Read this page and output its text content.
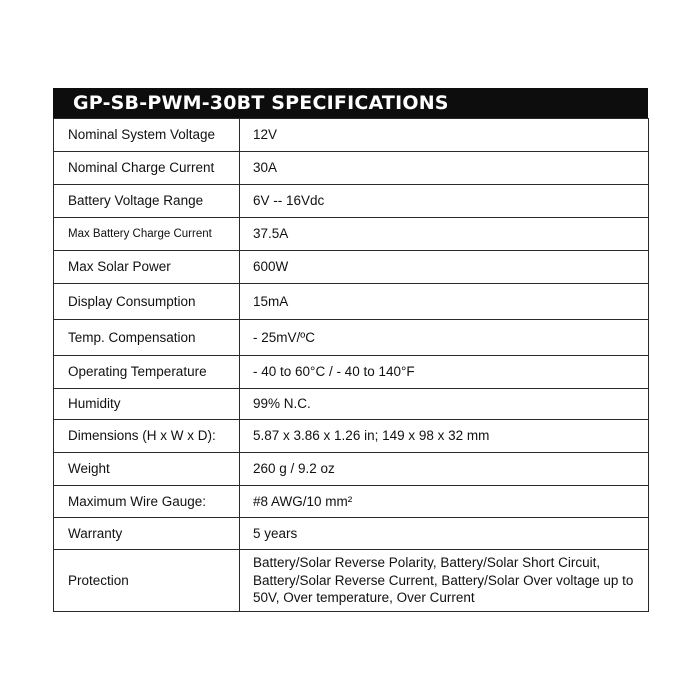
GP-SB-PWM-30BT SPECIFICATIONS
Nominal System Voltage	12V
Nominal Charge Current	30A
Battery Voltage Range	6V -- 16Vdc
Max Battery Charge Current	37.5A
Max Solar Power	600W
Display Consumption	15mA
Temp. Compensation	- 25mV/ºC
Operating Temperature	- 40 to 60°C / - 40 to 140°F
Humidity	99% N.C.
Dimensions (H x W x D):	5.87 x 3.86 x 1.26 in; 149 x 98 x 32 mm
Weight	260 g / 9.2 oz
Maximum Wire Gauge:	#8 AWG/10 mm²
Warranty	5 years
Protection	Battery/Solar Reverse Polarity, Battery/Solar Short Circuit, Battery/Solar Reverse Current, Battery/Solar Over voltage up to 50V, Over temperature, Over Current
